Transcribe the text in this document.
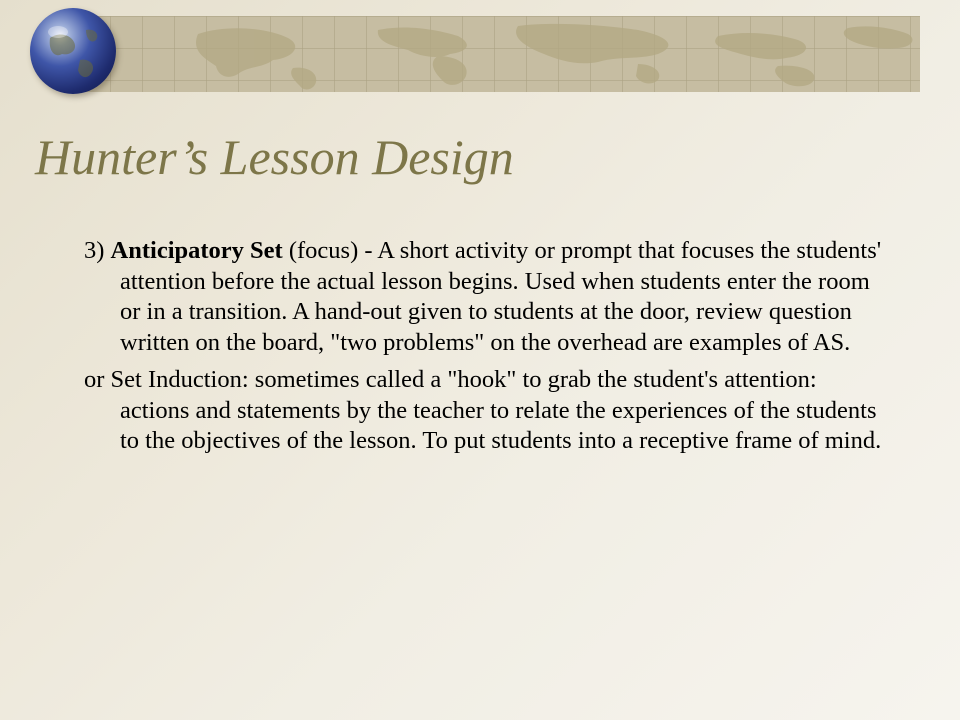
Hunter’s Lesson Design

3) Anticipatory Set (focus) - A short activity or prompt that focuses the students' attention before the actual lesson begins. Used when students enter the room or in a transition. A hand-out given to students at the door, review question written on the board, "two problems" on the overhead are examples of AS.

or Set Induction: sometimes called a "hook" to grab the student's attention: actions and statements by the teacher to relate the experiences of the students to the objectives of the lesson. To put students into a receptive frame of mind.
